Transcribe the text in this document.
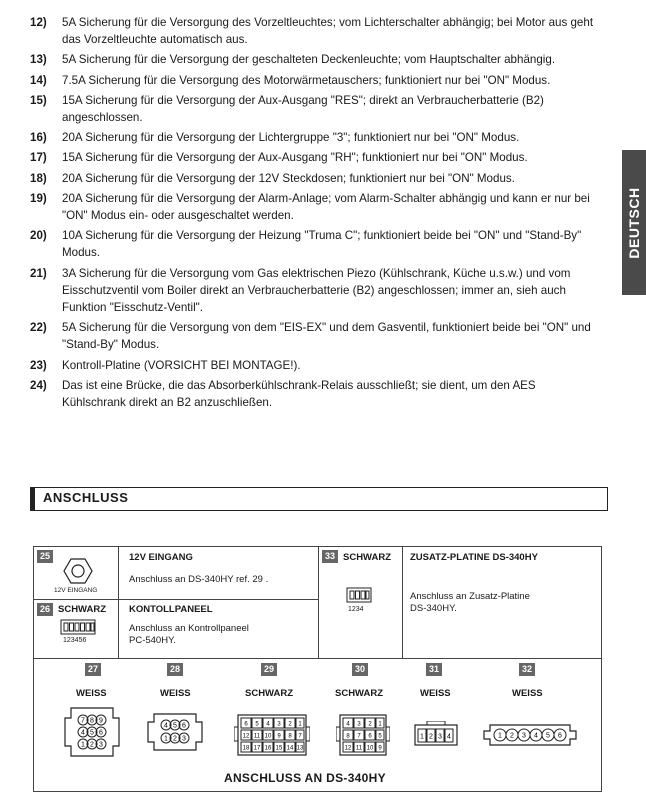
12)	5A Sicherung für die Versorgung des Vorzeltleuchtes; vom Lichterschalter abhängig; bei Motor aus geht das Vorzeltleuchte automatisch aus.
13)	5A Sicherung für die Versorgung der geschalteten Deckenleuchte; vom Hauptschalter abhängig.
14)	7.5A Sicherung für die Versorgung des Motorwärmetauschers; funktioniert nur bei "ON" Modus.
15)	15A Sicherung für die Versorgung der Aux-Ausgang "RES"; direkt an Verbraucherbatterie (B2) angeschlossen.
16)	20A Sicherung für die Versorgung der Lichtergruppe "3"; funktioniert nur bei "ON" Modus.
17)	15A Sicherung für die Versorgung der Aux-Ausgang "RH"; funktioniert nur bei "ON" Modus.
18)	20A Sicherung für die Versorgung der 12V Steckdosen; funktioniert nur bei "ON" Modus.
19)	20A Sicherung für die Versorgung der Alarm-Anlage; vom Alarm-Schalter abhängig und kann er nur bei "ON" Modus ein- oder ausgeschaltet werden.
20)	10A Sicherung für die Versorgung der Heizung "Truma C"; funktioniert beide bei "ON" und "Stand-By" Modus.
21)	3A Sicherung für die Versorgung vom Gas elektrischen Piezo (Kühlschrank, Küche u.s.w.) und vom Eisschutzventil vom Boiler direkt an Verbraucherbatterie (B2) angeschlossen; immer an, sieh auch Funktion "Eisschutz-Ventil".
22)	5A Sicherung für die Versorgung von dem "EIS-EX" und dem Gasventil, funktioniert beide bei "ON" und "Stand-By" Modus.
23)	Kontroll-Platine (VORSICHT BEI MONTAGE!).
24)	Das ist eine Brücke, die das Absorberkühlschrank-Relais ausschließt; sie dient, um den AES Kühlschrank direkt an B2 anzuschließen.
DEUTSCH
ANSCHLUSS
25
12V EINGANG
12V EINGANG
Anschluss an DS-340HY ref. 29 .
26 SCHWARZ
123456
KONTOLLPANEEL
Anschluss an Kontrollpaneel
PC-540HY.
33 SCHWARZ
1234
ZUSATZ-PLATINE DS-340HY
Anschluss an Zusatz-Platine
DS-340HY.
27
WEISS
7 8 9
4 5 6
1 2 3
28
WEISS
4 5 6
1 2 3
29
SCHWARZ
6 5 4 3 2 1
12 11 10 9 8 7
18 17 16 15 14 13
30
SCHWARZ
4 3 2 1
8 7 6 5
12 11 10 9
31
WEISS
1 2 3 4
32
WEISS
1 2 3 4 5 6
ANSCHLUSS AN DS-340HY
